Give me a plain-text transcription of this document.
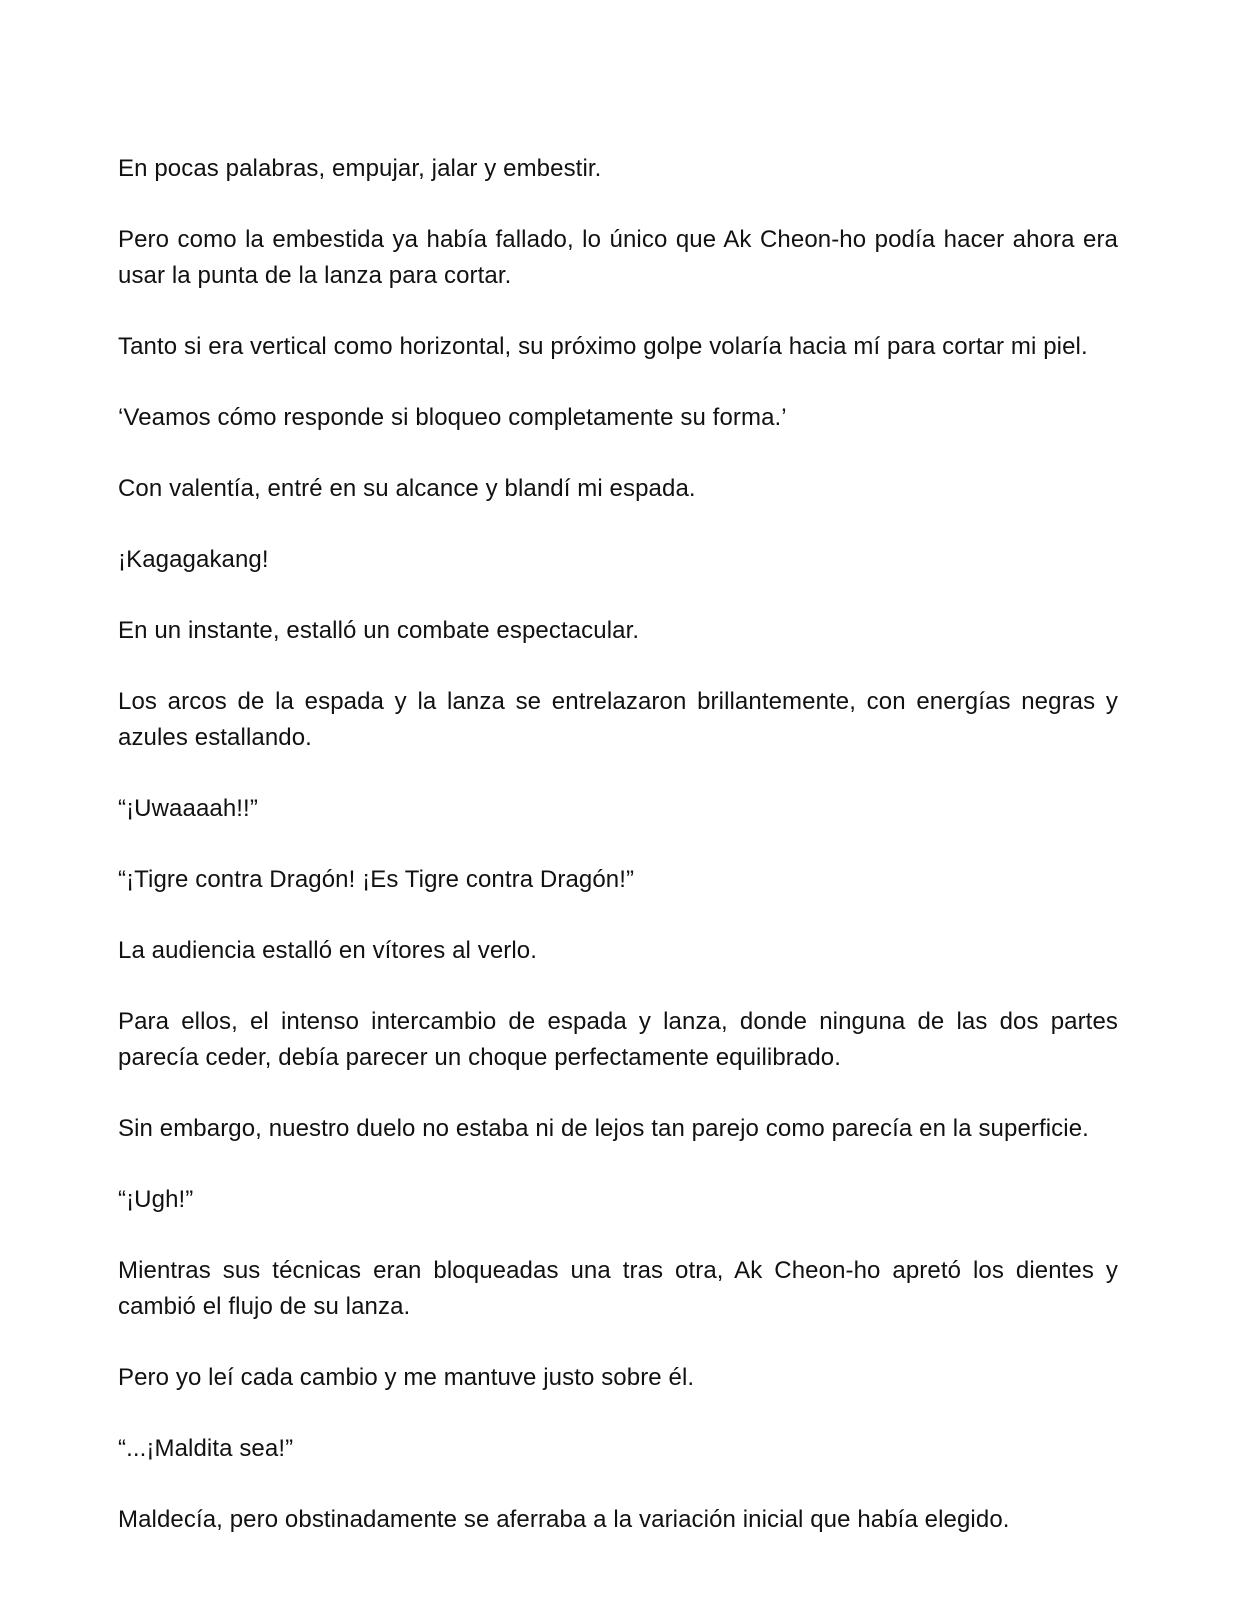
En pocas palabras, empujar, jalar y embestir.

Pero como la embestida ya había fallado, lo único que Ak Cheon-ho podía hacer ahora era usar la punta de la lanza para cortar.

Tanto si era vertical como horizontal, su próximo golpe volaría hacia mí para cortar mi piel.

‘Veamos cómo responde si bloqueo completamente su forma.’

Con valentía, entré en su alcance y blandí mi espada.

¡Kagagakang!

En un instante, estalló un combate espectacular.

Los arcos de la espada y la lanza se entrelazaron brillantemente, con energías negras y azules estallando.

“¡Uwaaaah!!”

“¡Tigre contra Dragón! ¡Es Tigre contra Dragón!”

La audiencia estalló en vítores al verlo.

Para ellos, el intenso intercambio de espada y lanza, donde ninguna de las dos partes parecía ceder, debía parecer un choque perfectamente equilibrado.

Sin embargo, nuestro duelo no estaba ni de lejos tan parejo como parecía en la superficie.

“¡Ugh!”

Mientras sus técnicas eran bloqueadas una tras otra, Ak Cheon-ho apretó los dientes y cambió el flujo de su lanza.

Pero yo leí cada cambio y me mantuve justo sobre él.

“...¡Maldita sea!”

Maldecía, pero obstinadamente se aferraba a la variación inicial que había elegido.
